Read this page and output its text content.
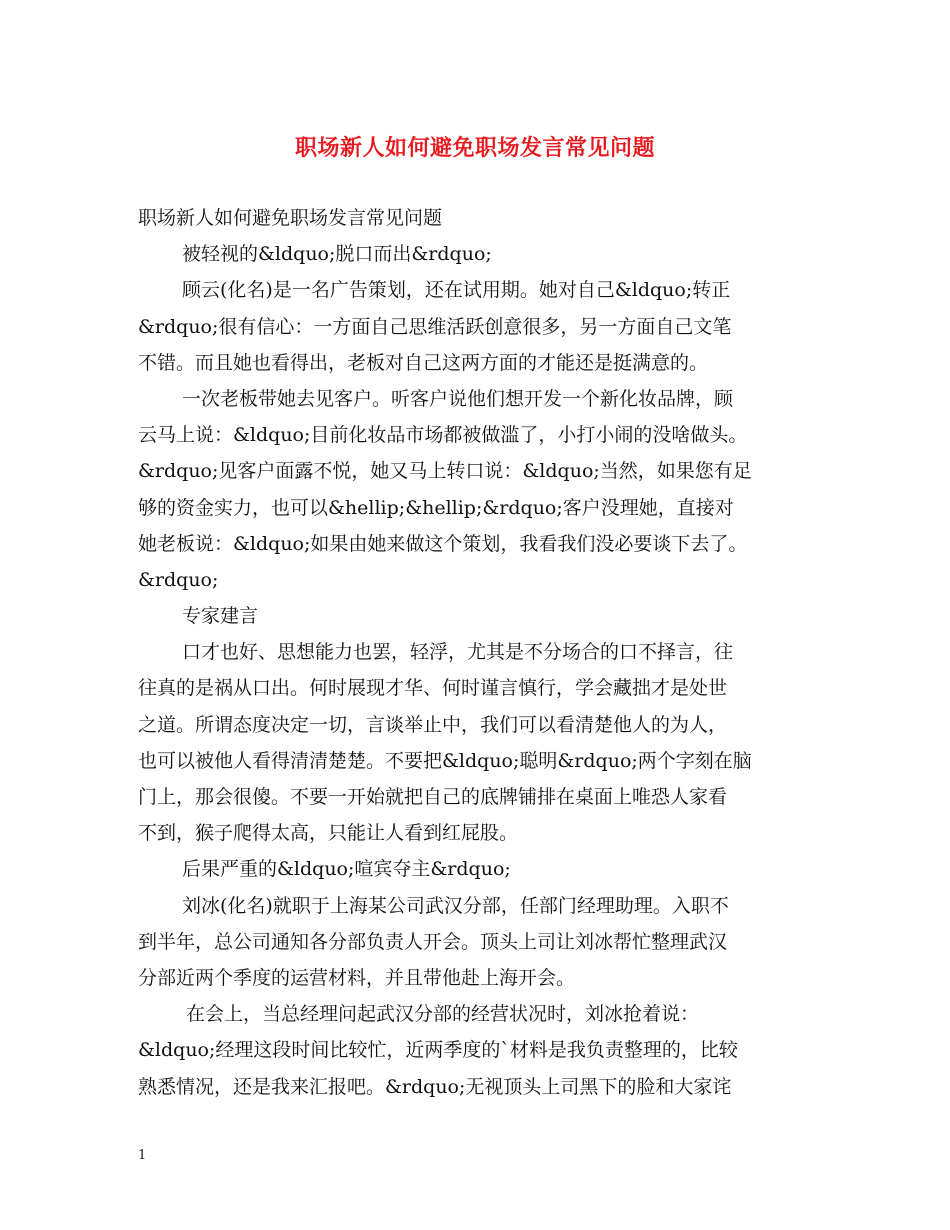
职场新人如何避免职场发言常见问题
职场新人如何避免职场发言常见问题
被轻视的&ldquo;脱口而出&rdquo;
顾云(化名)是一名广告策划，还在试用期。她对自己&ldquo;转正
&rdquo;很有信心：一方面自己思维活跃创意很多，另一方面自己文笔
不错。而且她也看得出，老板对自己这两方面的才能还是挺满意的。
一次老板带她去见客户。听客户说他们想开发一个新化妆品牌，顾
云马上说：&ldquo;目前化妆品市场都被做滥了，小打小闹的没啥做头。
&rdquo;见客户面露不悦，她又马上转口说：&ldquo;当然，如果您有足
够的资金实力，也可以&hellip;&hellip;&rdquo;客户没理她，直接对
她老板说：&ldquo;如果由她来做这个策划，我看我们没必要谈下去了。
&rdquo;
专家建言
口才也好、思想能力也罢，轻浮，尤其是不分场合的口不择言，往
往真的是祸从口出。何时展现才华、何时谨言慎行，学会藏拙才是处世
之道。所谓态度决定一切，言谈举止中，我们可以看清楚他人的为人，
也可以被他人看得清清楚楚。不要把&ldquo;聪明&rdquo;两个字刻在脑
门上，那会很傻。不要一开始就把自己的底牌铺排在桌面上唯恐人家看
不到，猴子爬得太高，只能让人看到红屁股。
后果严重的&ldquo;喧宾夺主&rdquo;
刘冰(化名)就职于上海某公司武汉分部，任部门经理助理。入职不
到半年，总公司通知各分部负责人开会。顶头上司让刘冰帮忙整理武汉
分部近两个季度的运营材料，并且带他赴上海开会。
在会上，当总经理问起武汉分部的经营状况时，刘冰抢着说：
&ldquo;经理这段时间比较忙，近两季度的`材料是我负责整理的，比较
熟悉情况，还是我来汇报吧。&rdquo;无视顶头上司黑下的脸和大家诧
1
